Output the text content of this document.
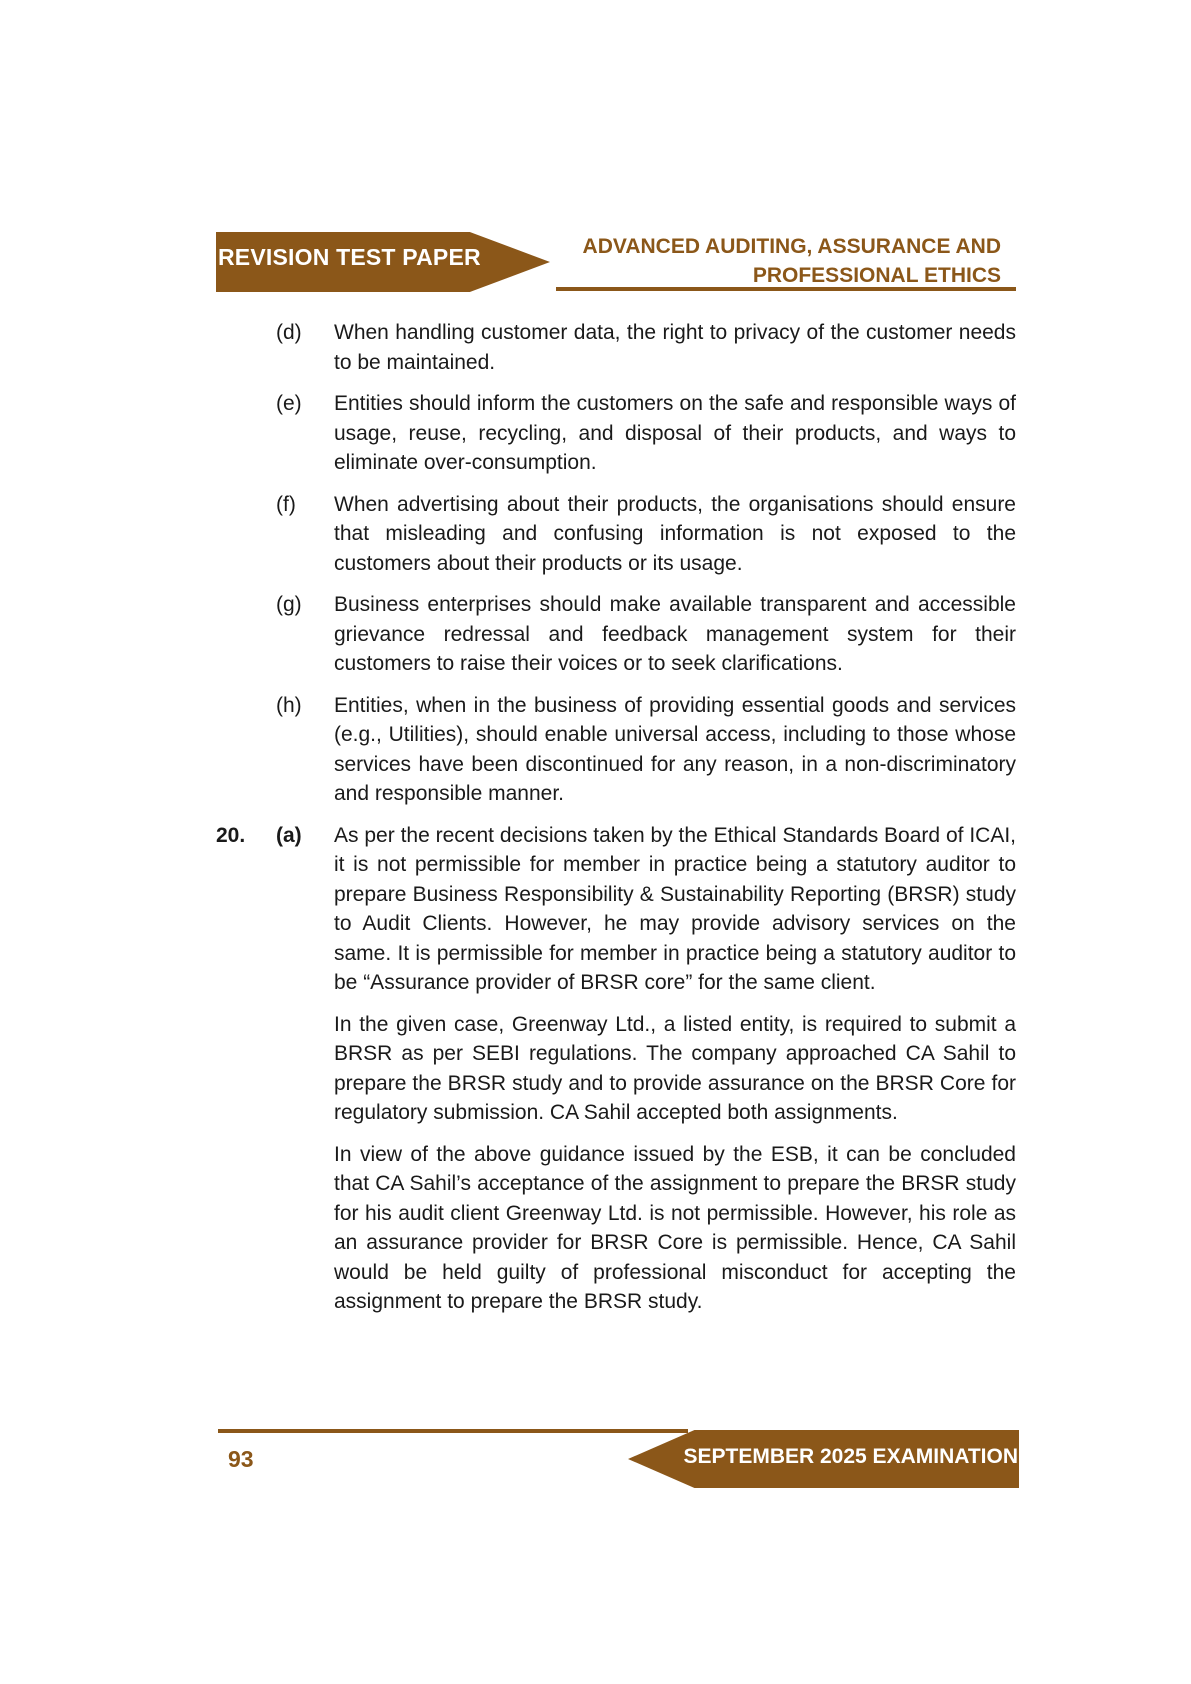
REVISION TEST PAPER	ADVANCED AUDITING, ASSURANCE AND
PROFESSIONAL ETHICS
(d)	When handling customer data, the right to privacy of the customer needs to be maintained.

(e)	Entities should inform the customers on the safe and responsible ways of usage, reuse, recycling, and disposal of their products, and ways to eliminate over-consumption.

(f)	When advertising about their products, the organisations should ensure that misleading and confusing information is not exposed to the customers about their products or its usage.

(g)	Business enterprises should make available transparent and accessible grievance redressal and feedback management system for their customers to raise their voices or to seek clarifications.

(h)	Entities, when in the business of providing essential goods and services (e.g., Utilities), should enable universal access, including to those whose services have been discontinued for any reason, in a non-discriminatory and responsible manner.

20.	(a)	As per the recent decisions taken by the Ethical Standards Board of ICAI, it is not permissible for member in practice being a statutory auditor to prepare Business Responsibility & Sustainability Reporting (BRSR) study to Audit Clients. However, he may provide advisory services on the same. It is permissible for member in practice being a statutory auditor to be “Assurance provider of BRSR core” for the same client.

In the given case, Greenway Ltd., a listed entity, is required to submit a BRSR as per SEBI regulations. The company approached CA Sahil to prepare the BRSR study and to provide assurance on the BRSR Core for regulatory submission. CA Sahil accepted both assignments.

In view of the above guidance issued by the ESB, it can be concluded that CA Sahil’s acceptance of the assignment to prepare the BRSR study for his audit client Greenway Ltd. is not permissible. However, his role as an assurance provider for BRSR Core is permissible. Hence, CA Sahil would be held guilty of professional misconduct for accepting the assignment to prepare the BRSR study.

93	SEPTEMBER 2025 EXAMINATION
